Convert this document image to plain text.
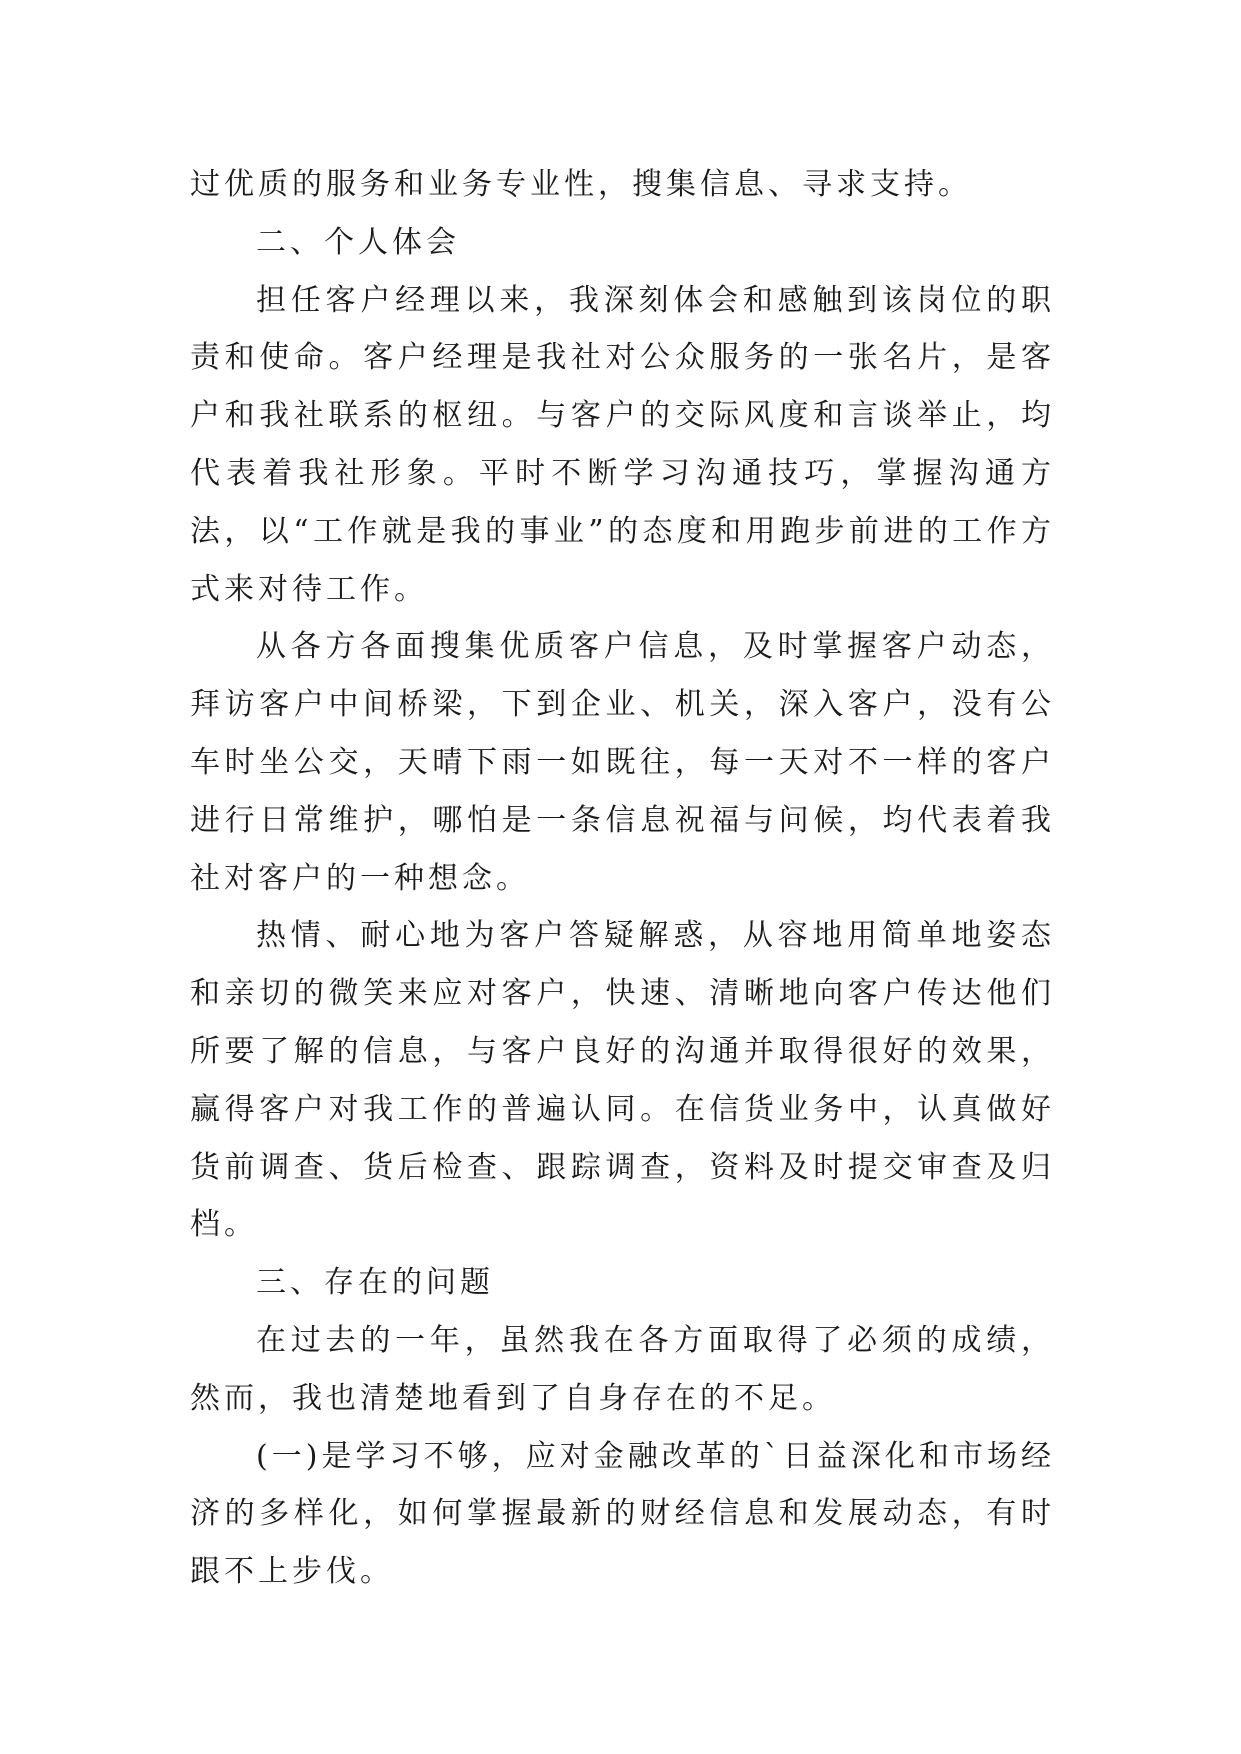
过优质的服务和业务专业性，搜集信息、寻求支持。

二、个人体会

担任客户经理以来，我深刻体会和感触到该岗位的职责和使命。客户经理是我社对公众服务的一张名片，是客户和我社联系的枢纽。与客户的交际风度和言谈举止，均代表着我社形象。平时不断学习沟通技巧，掌握沟通方法，以“工作就是我的事业”的态度和用跑步前进的工作方式来对待工作。

从各方各面搜集优质客户信息，及时掌握客户动态，拜访客户中间桥梁，下到企业、机关，深入客户，没有公车时坐公交，天晴下雨一如既往，每一天对不一样的客户进行日常维护，哪怕是一条信息祝福与问候，均代表着我社对客户的一种想念。

热情、耐心地为客户答疑解惑，从容地用简单地姿态和亲切的微笑来应对客户，快速、清晰地向客户传达他们所要了解的信息，与客户良好的沟通并取得很好的效果，赢得客户对我工作的普遍认同。在信货业务中，认真做好货前调查、货后检查、跟踪调查，资料及时提交审查及归档。

三、存在的问题

在过去的一年，虽然我在各方面取得了必须的成绩，然而，我也清楚地看到了自身存在的不足。

(一)是学习不够，应对金融改革的`日益深化和市场经济的多样化，如何掌握最新的财经信息和发展动态，有时跟不上步伐。
